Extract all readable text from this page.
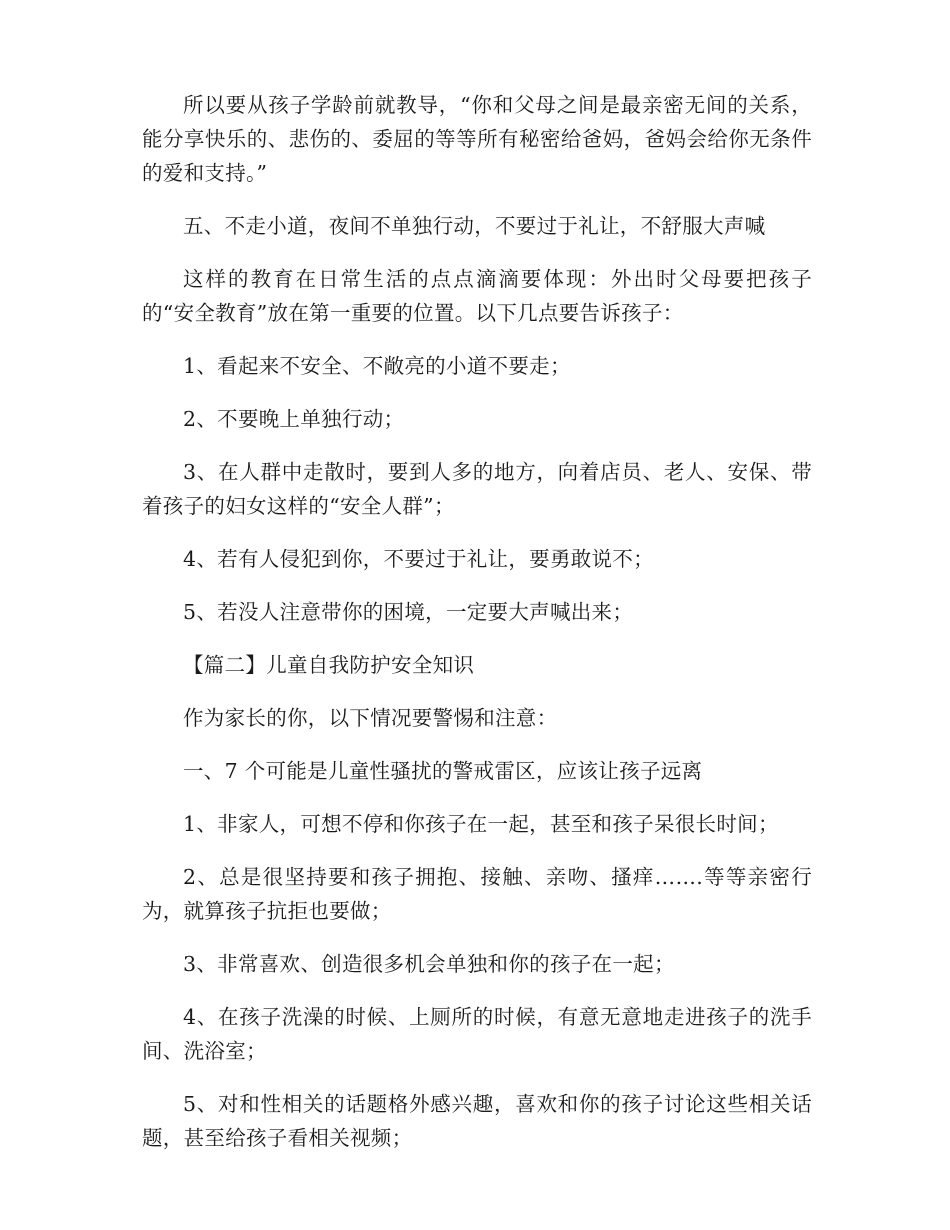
所以要从孩子学龄前就教导，“你和父母之间是最亲密无间的关系，能分享快乐的、悲伤的、委屈的等等所有秘密给爸妈，爸妈会给你无条件的爱和支持。”

五、不走小道，夜间不单独行动，不要过于礼让，不舒服大声喊

这样的教育在日常生活的点点滴滴要体现：外出时父母要把孩子的“安全教育”放在第一重要的位置。以下几点要告诉孩子：

1、看起来不安全、不敞亮的小道不要走；

2、不要晚上单独行动；

3、在人群中走散时，要到人多的地方，向着店员、老人、安保、带着孩子的妇女这样的“安全人群”；

4、若有人侵犯到你，不要过于礼让，要勇敢说不；

5、若没人注意带你的困境，一定要大声喊出来；

【篇二】儿童自我防护安全知识

作为家长的你，以下情况要警惕和注意：

一、7 个可能是儿童性骚扰的警戒雷区，应该让孩子远离

1、非家人，可想不停和你孩子在一起，甚至和孩子呆很长时间；

2、总是很坚持要和孩子拥抱、接触、亲吻、搔痒…….等等亲密行为，就算孩子抗拒也要做；

3、非常喜欢、创造很多机会单独和你的孩子在一起；

4、在孩子洗澡的时候、上厕所的时候，有意无意地走进孩子的洗手间、洗浴室；

5、对和性相关的话题格外感兴趣，喜欢和你的孩子讨论这些相关话题，甚至给孩子看相关视频；
